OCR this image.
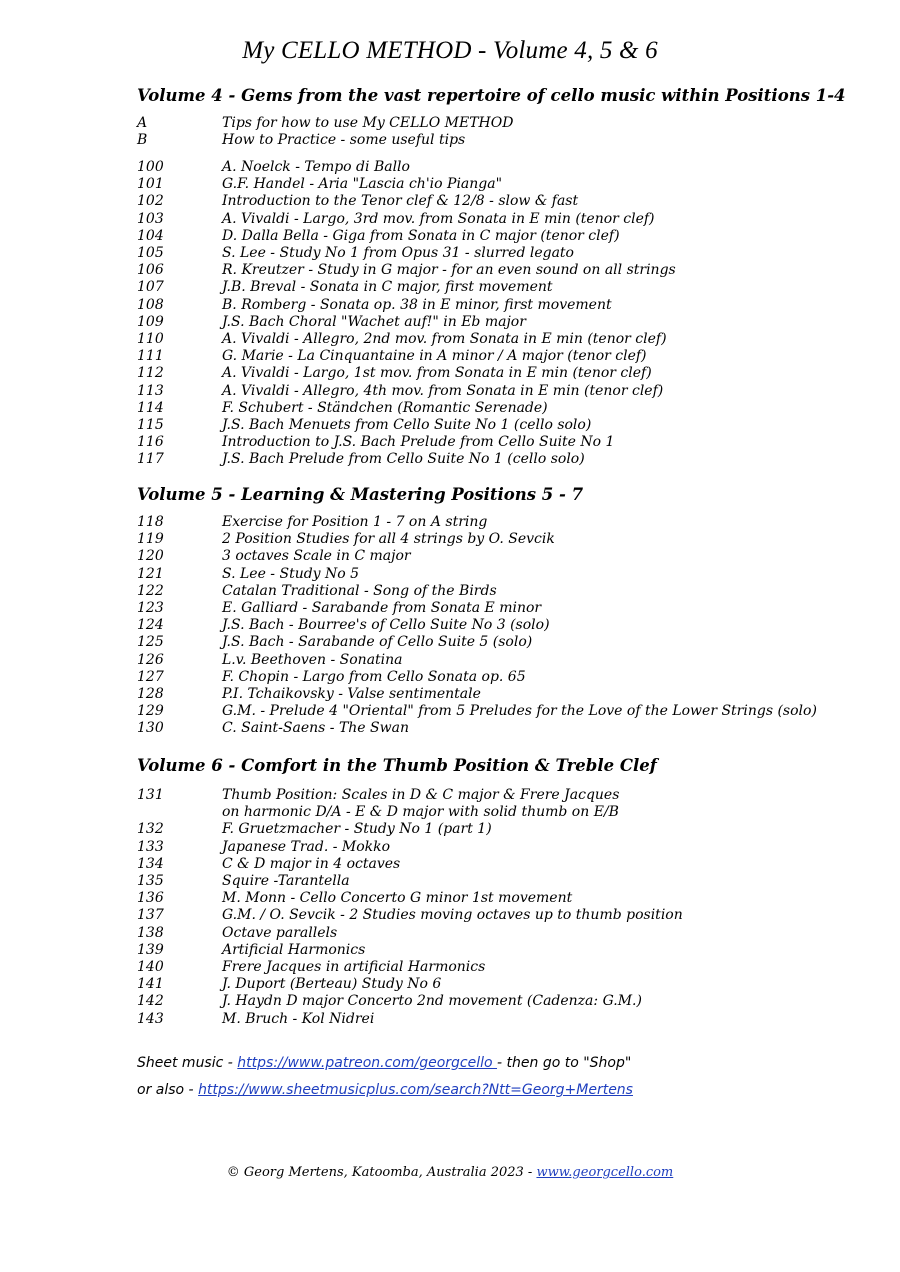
My CELLO METHOD - Volume 4, 5 & 6
Volume 4 - Gems from the vast repertoire of cello music within Positions 1-4
A	Tips for how to use My CELLO METHOD
B	How to Practice - some useful tips
100	A. Noelck - Tempo di Ballo
101	G.F. Handel - Aria "Lascia ch'io Pianga"
102	Introduction to the Tenor clef & 12/8 - slow & fast
103	A. Vivaldi - Largo, 3rd mov. from Sonata in E min (tenor clef)
104	D. Dalla Bella - Giga from Sonata in C major (tenor clef)
105	S. Lee - Study No 1 from Opus 31 - slurred legato
106	R. Kreutzer - Study in G major - for an even sound on all strings
107	J.B. Breval - Sonata in C major, first movement
108	B. Romberg - Sonata op. 38 in E minor, first movement
109	J.S. Bach Choral "Wachet auf!" in Eb major
110	A. Vivaldi - Allegro, 2nd mov. from Sonata in E min (tenor clef)
111	G. Marie - La Cinquantaine in A minor / A major (tenor clef)
112	A. Vivaldi - Largo, 1st mov. from Sonata in E min (tenor clef)
113	A. Vivaldi - Allegro, 4th mov. from Sonata in E min (tenor clef)
114	F. Schubert - Ständchen (Romantic Serenade)
115	J.S. Bach Menuets from Cello Suite No 1 (cello solo)
116	Introduction to J.S. Bach Prelude from Cello Suite No 1
117	J.S. Bach Prelude from Cello Suite No 1 (cello solo)
Volume 5 - Learning & Mastering Positions 5 - 7
118	Exercise for Position 1 - 7 on A string
119	2 Position Studies for all 4 strings by O. Sevcik
120	3 octaves Scale in C major
121	S. Lee - Study No 5
122	Catalan Traditional - Song of the Birds
123	E. Galliard - Sarabande from Sonata E minor
124	J.S. Bach - Bourree's of Cello Suite No 3 (solo)
125	J.S. Bach - Sarabande of Cello Suite 5 (solo)
126	L.v. Beethoven - Sonatina
127	F. Chopin - Largo from Cello Sonata op. 65
128	P.I. Tchaikovsky - Valse sentimentale
129	G.M. - Prelude 4 "Oriental" from 5 Preludes for the Love of the Lower Strings (solo)
130	C. Saint-Saens - The Swan
Volume 6 - Comfort in the Thumb Position & Treble Clef
131	Thumb Position: Scales in D & C major & Frere Jacques
on harmonic D/A - E & D major with solid thumb on E/B
132	F. Gruetzmacher - Study No 1 (part 1)
133	Japanese Trad. - Mokko
134	C & D major in 4 octaves
135	Squire -Tarantella
136	M. Monn - Cello Concerto G minor 1st movement
137	G.M. / O. Sevcik - 2 Studies moving octaves up to thumb position
138	Octave parallels
139	Artificial Harmonics
140	Frere Jacques in artificial Harmonics
141	J. Duport (Berteau) Study No 6
142	J. Haydn D major Concerto 2nd movement (Cadenza: G.M.)
143	M. Bruch - Kol Nidrei
Sheet music - https://www.patreon.com/georgcello - then go to "Shop"
or also - https://www.sheetmusicplus.com/search?Ntt=Georg+Mertens
© Georg Mertens, Katoomba, Australia 2023 - www.georgcello.com
